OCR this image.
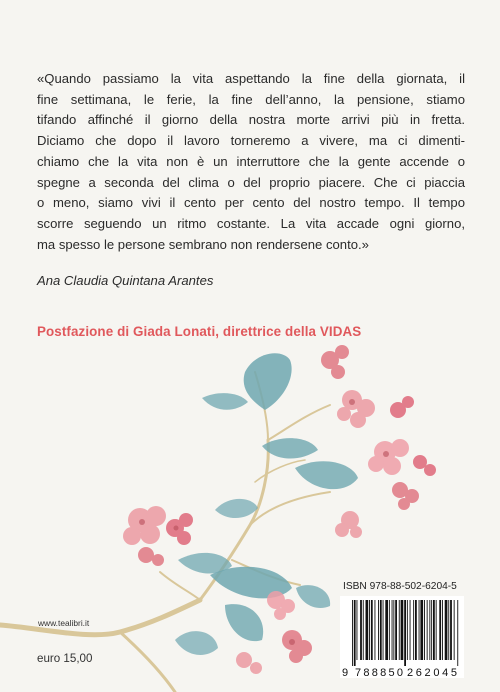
«Quando passiamo la vita aspettando la fine della giornata, il
fine settimana, le ferie, la fine dell’anno, la pensione, stiamo
tifando affinché il giorno della nostra morte arrivi più in fretta.
Diciamo che dopo il lavoro torneremo a vivere, ma ci dimenti-
chiamo che la vita non è un interruttore che la gente accende o
spegne a seconda del clima o del proprio piacere. Che ci piaccia
o meno, siamo vivi il cento per cento del nostro tempo. Il tempo
scorre seguendo un ritmo costante. La vita accade ogni giorno,
ma spesso le persone sembrano non rendersene conto.»
Ana Claudia Quintana Arantes
Postfazione di Giada Lonati, direttrice della VIDAS
ISBN 978-88-502-6204-5
9 788850 262045
www.tealibri.it
euro 15,00
